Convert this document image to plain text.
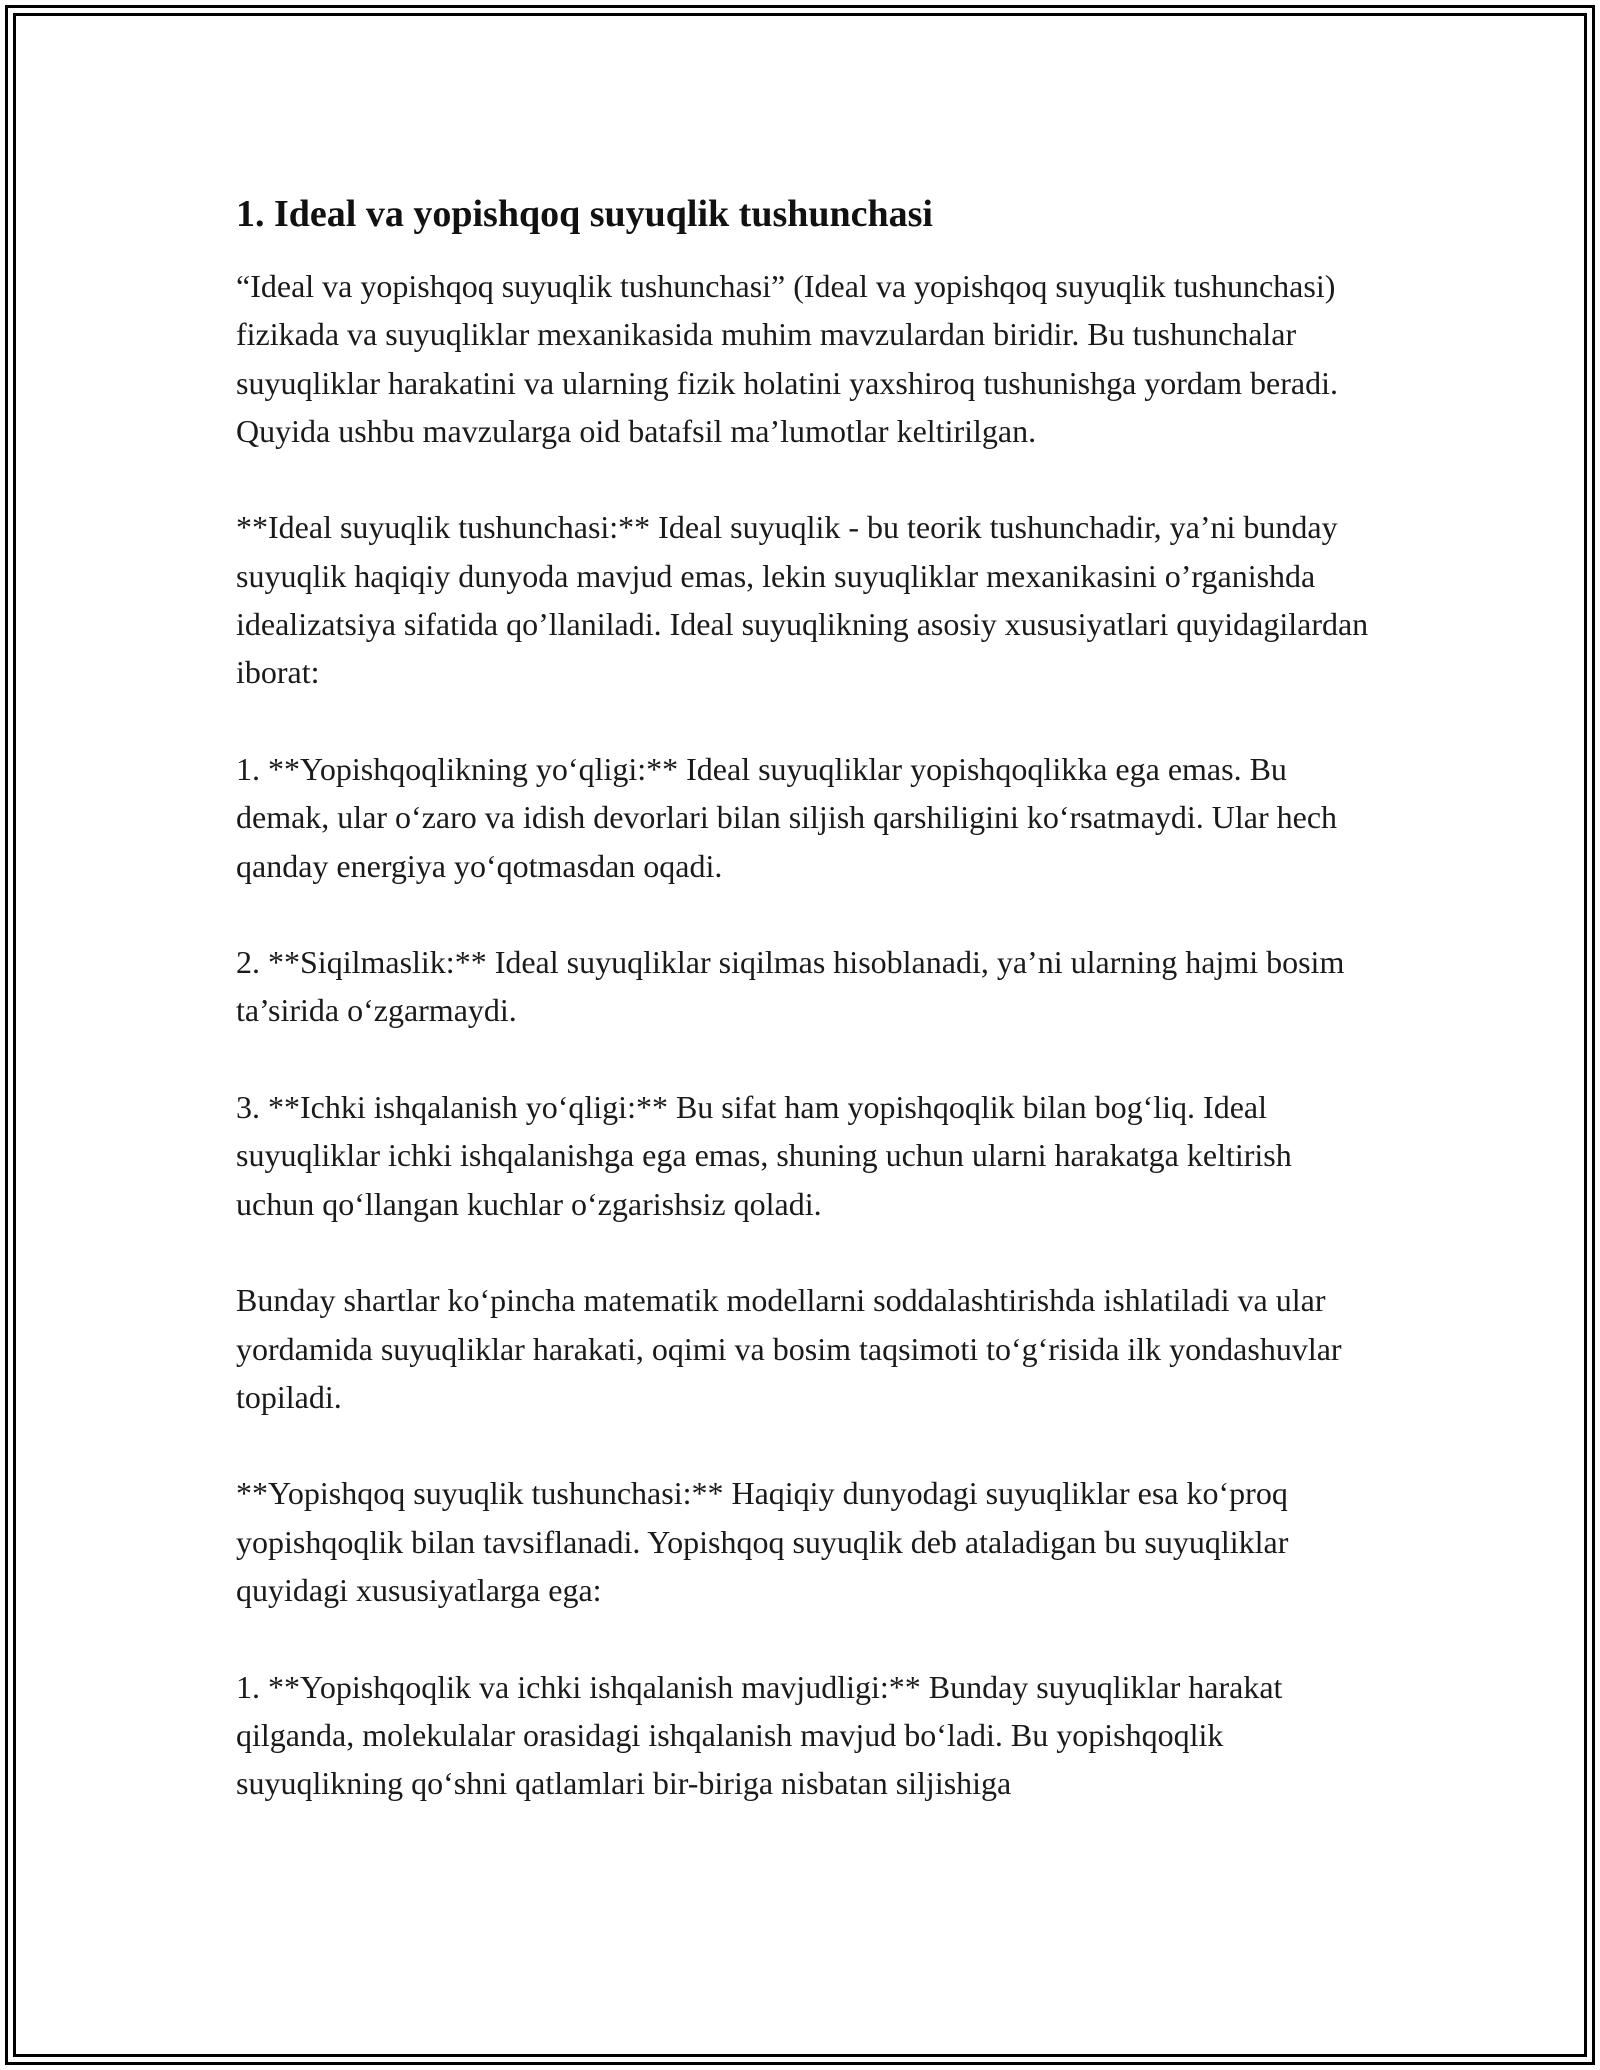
1. Ideal va yopishqoq suyuqlik tushunchasi

“Ideal va yopishqoq suyuqlik tushunchasi” (Ideal va yopishqoq suyuqlik tushunchasi) fizikada va suyuqliklar mexanikasida muhim mavzulardan biridir. Bu tushunchalar suyuqliklar harakatini va ularning fizik holatini yaxshiroq tushunishga yordam beradi. Quyida ushbu mavzularga oid batafsil ma’lumotlar keltirilgan.

**Ideal suyuqlik tushunchasi:** Ideal suyuqlik - bu teorik tushunchadir, ya’ni bunday suyuqlik haqiqiy dunyoda mavjud emas, lekin suyuqliklar mexanikasini o’rganishda idealizatsiya sifatida qo’llaniladi. Ideal suyuqlikning asosiy xususiyatlari quyidagilardan iborat:

1. **Yopishqoqlikning yo‘qligi:** Ideal suyuqliklar yopishqoqlikka ega emas. Bu demak, ular o‘zaro va idish devorlari bilan siljish qarshiligini ko‘rsatmaydi. Ular hech qanday energiya yo‘qotmasdan oqadi.

2. **Siqilmaslik:** Ideal suyuqliklar siqilmas hisoblanadi, ya’ni ularning hajmi bosim ta’sirida o‘zgarmaydi.

3. **Ichki ishqalanish yo‘qligi:** Bu sifat ham yopishqoqlik bilan bog‘liq. Ideal suyuqliklar ichki ishqalanishga ega emas, shuning uchun ularni harakatga keltirish uchun qo‘llangan kuchlar o‘zgarishsiz qoladi.

Bunday shartlar ko‘pincha matematik modellarni soddalashtirishda ishlatiladi va ular yordamida suyuqliklar harakati, oqimi va bosim taqsimoti to‘g‘risida ilk yondashuvlar topiladi.

**Yopishqoq suyuqlik tushunchasi:** Haqiqiy dunyodagi suyuqliklar esa ko‘proq yopishqoqlik bilan tavsiflanadi. Yopishqoq suyuqlik deb ataladigan bu suyuqliklar quyidagi xususiyatlarga ega:

1. **Yopishqoqlik va ichki ishqalanish mavjudligi:** Bunday suyuqliklar harakat qilganda, molekulalar orasidagi ishqalanish mavjud bo‘ladi. Bu yopishqoqlik suyuqlikning qo‘shni qatlamlari bir-biriga nisbatan siljishiga
